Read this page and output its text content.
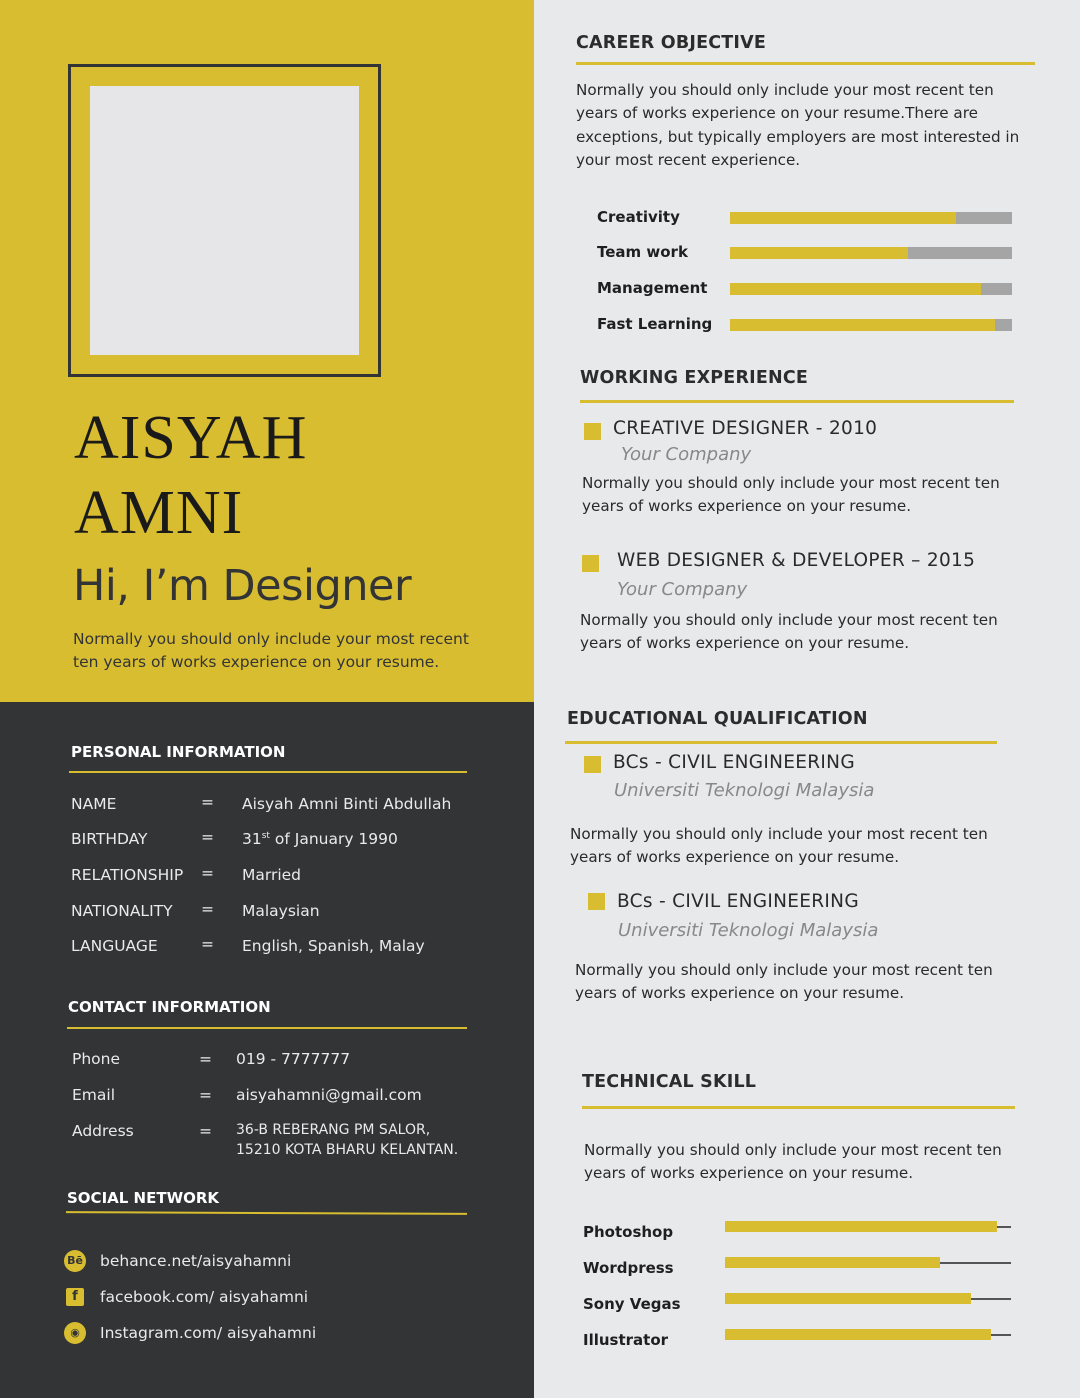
AISYAH
AMNI
Hi, I’m Designer
Normally you should only include your most recent ten years of works experience on your resume.
PERSONAL INFORMATION
NAME	= Aisyah Amni Binti Abdullah
BIRTHDAY	= 31st of January 1990
RELATIONSHIP = Married
NATIONALITY = Malaysian
LANGUAGE	= English, Spanish, Malay
CONTACT INFORMATION
Phone	= 019 - 7777777
Email	= aisyahamni@gmail.com
Address	= 36-B REBERANG PM SALOR,
15210 KOTA BHARU KELANTAN.
SOCIAL NETWORK
Bē behance.net/aisyahamni
f	facebook.com/ aisyahamni
◉	Instagram.com/ aisyahamni
CAREER OBJECTIVE
Normally you should only include your most recent ten years of works experience on your resume.There are exceptions, but typically employers are most interested in your most recent experience.
Creativity
Team work
Management
Fast Learning
WORKING EXPERIENCE
CREATIVE DESIGNER - 2010
Your Company
Normally you should only include your most recent ten years of works experience on your resume.
WEB DESIGNER & DEVELOPER – 2015
Your Company
Normally you should only include your most recent ten years of works experience on your resume.
EDUCATIONAL QUALIFICATION
BCs - CIVIL ENGINEERING
Universiti Teknologi Malaysia
Normally you should only include your most recent ten years of works experience on your resume.
BCs - CIVIL ENGINEERING
Universiti Teknologi Malaysia
Normally you should only include your most recent ten years of works experience on your resume.
TECHNICAL SKILL
Normally you should only include your most recent ten years of works experience on your resume.
Photoshop
Wordpress
Sony Vegas
Illustrator
